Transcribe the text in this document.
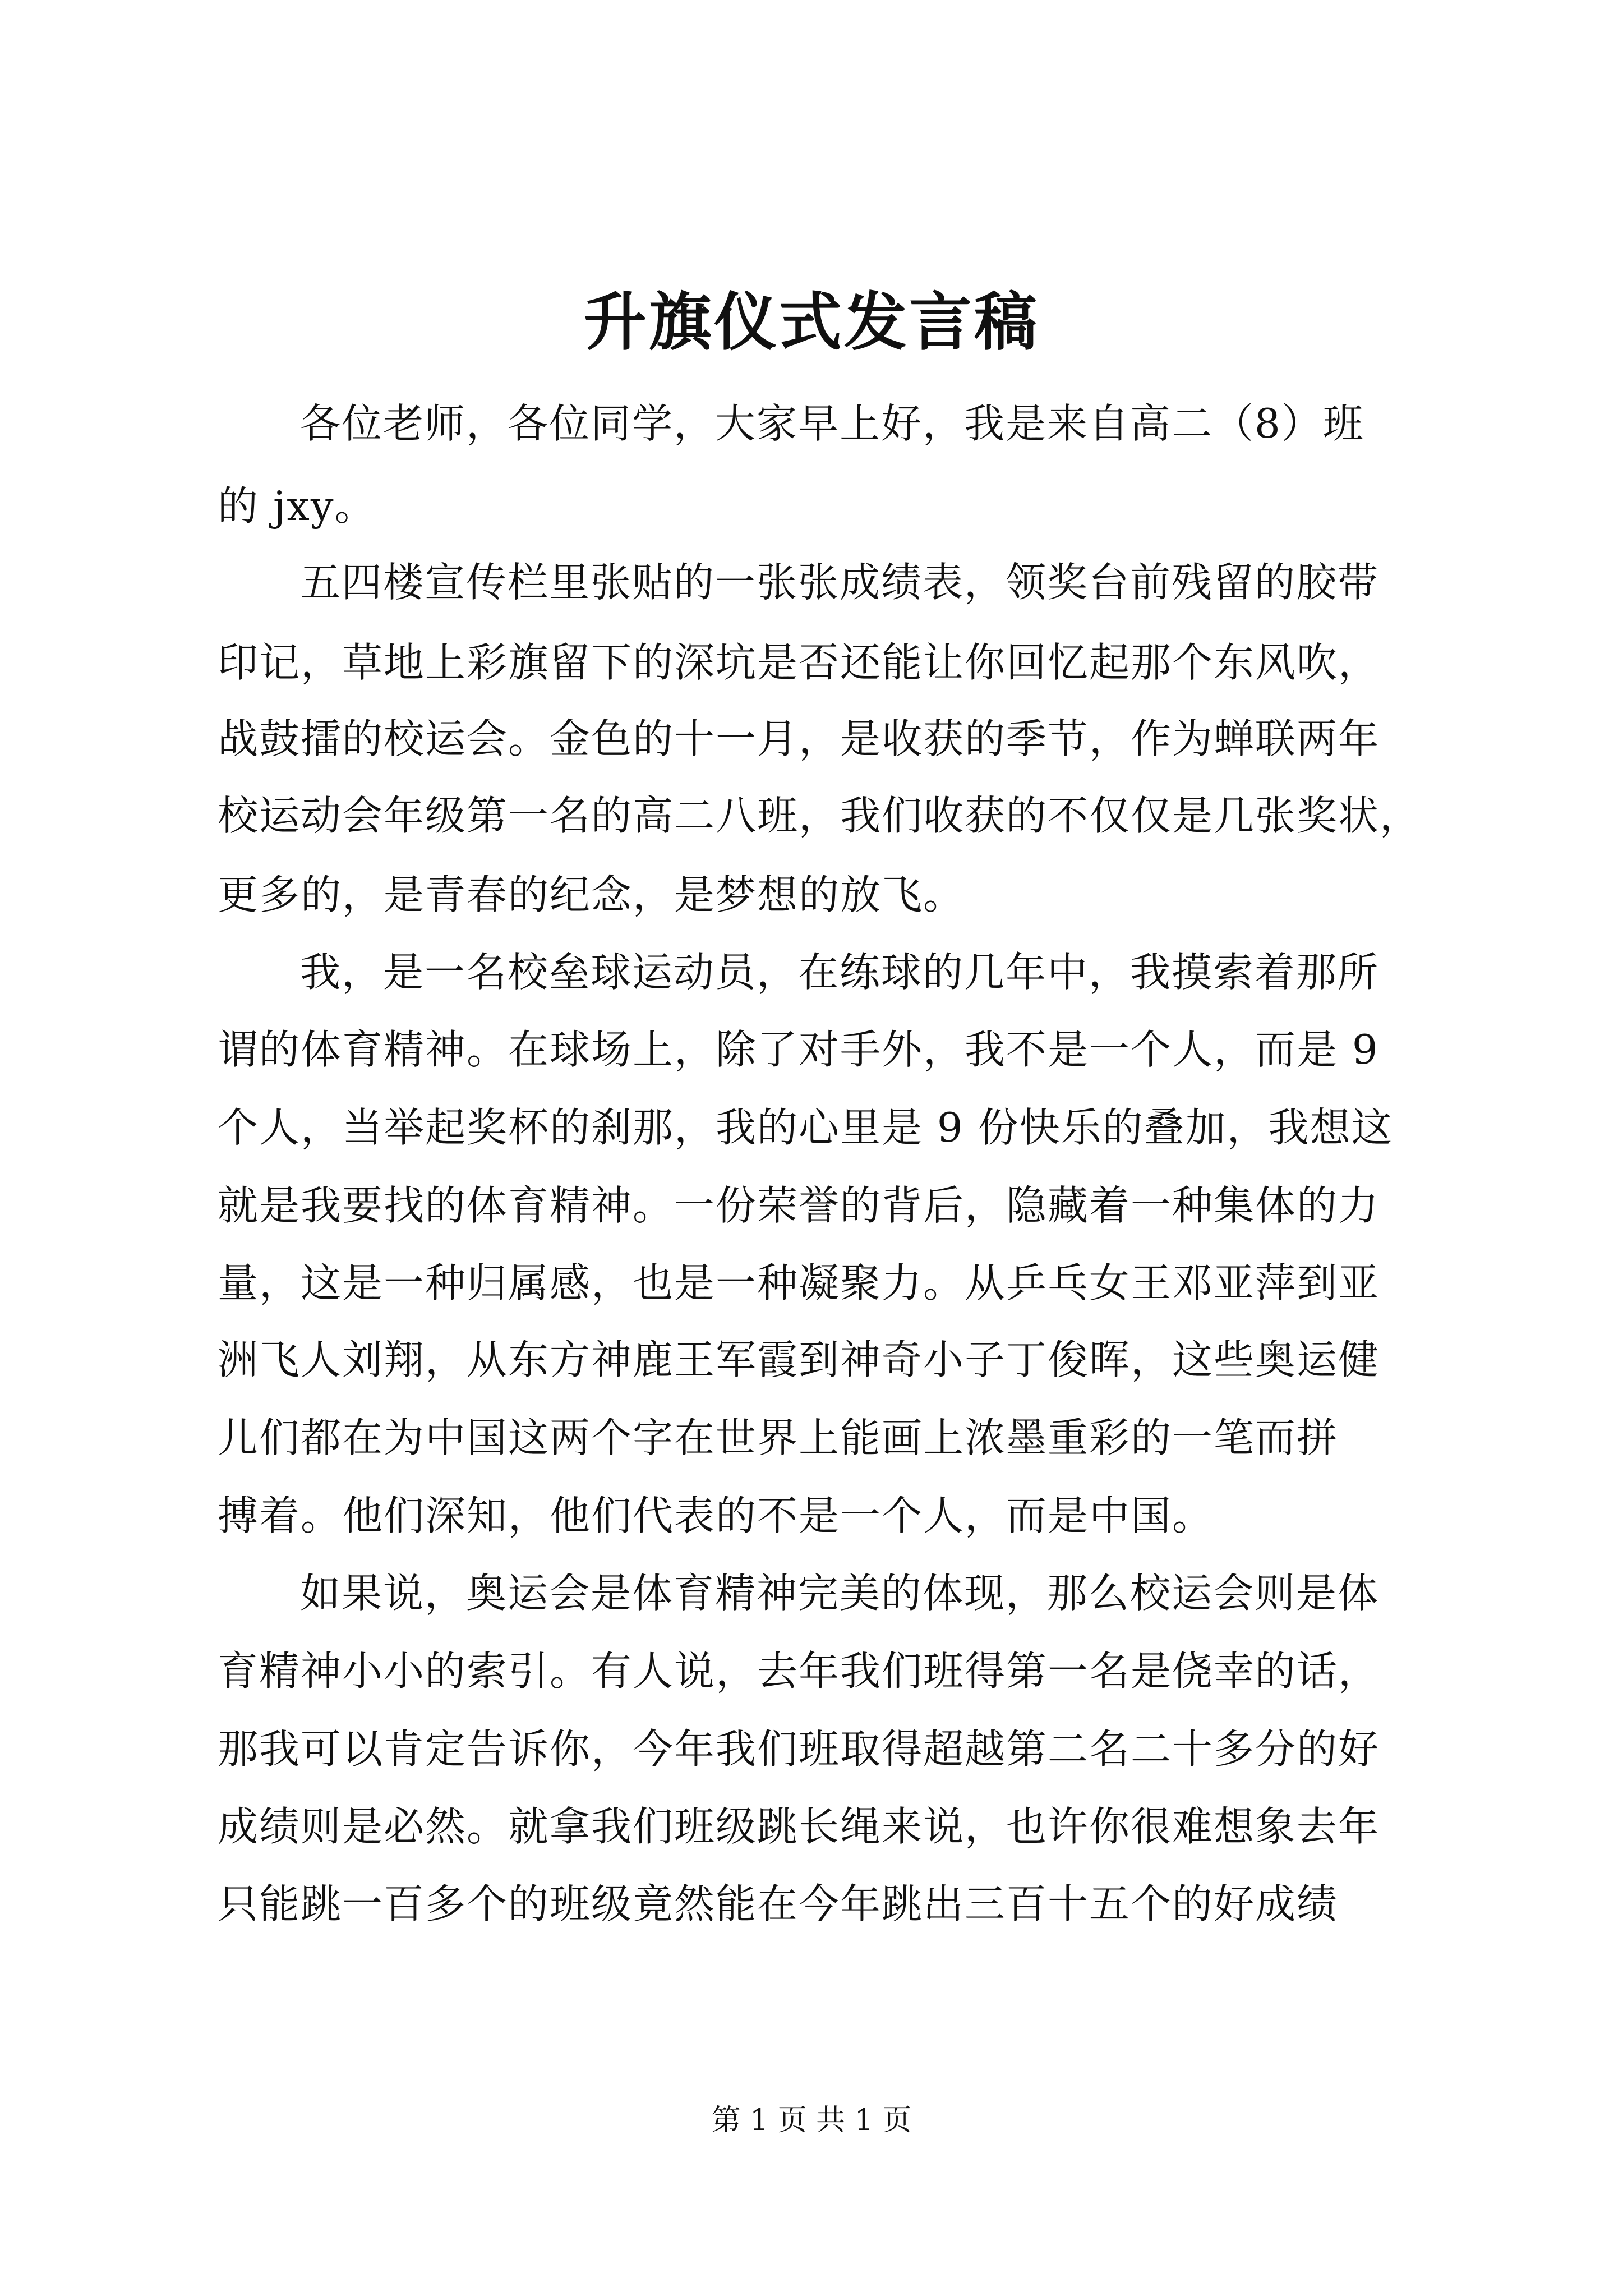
升旗仪式发言稿
各位老师，各位同学，大家早上好，我是来自高二（8）班
的 jxy。
五四楼宣传栏里张贴的一张张成绩表，领奖台前残留的胶带
印记，草地上彩旗留下的深坑是否还能让你回忆起那个东风吹，
战鼓擂的校运会。金色的十一月，是收获的季节，作为蝉联两年
校运动会年级第一名的高二八班，我们收获的不仅仅是几张奖状，
更多的，是青春的纪念，是梦想的放飞。
我，是一名校垒球运动员，在练球的几年中，我摸索着那所
谓的体育精神。在球场上，除了对手外，我不是一个人，而是 9
个人，当举起奖杯的刹那，我的心里是 9 份快乐的叠加，我想这
就是我要找的体育精神。一份荣誉的背后，隐藏着一种集体的力
量，这是一种归属感，也是一种凝聚力。从乒乓女王邓亚萍到亚
洲飞人刘翔，从东方神鹿王军霞到神奇小子丁俊晖，这些奥运健
儿们都在为中国这两个字在世界上能画上浓墨重彩的一笔而拼
搏着。他们深知，他们代表的不是一个人，而是中国。
如果说，奥运会是体育精神完美的体现，那么校运会则是体
育精神小小的索引。有人说，去年我们班得第一名是侥幸的话，
那我可以肯定告诉你，今年我们班取得超越第二名二十多分的好
成绩则是必然。就拿我们班级跳长绳来说，也许你很难想象去年
只能跳一百多个的班级竟然能在今年跳出三百十五个的好成绩
第 1 页 共 1 页
